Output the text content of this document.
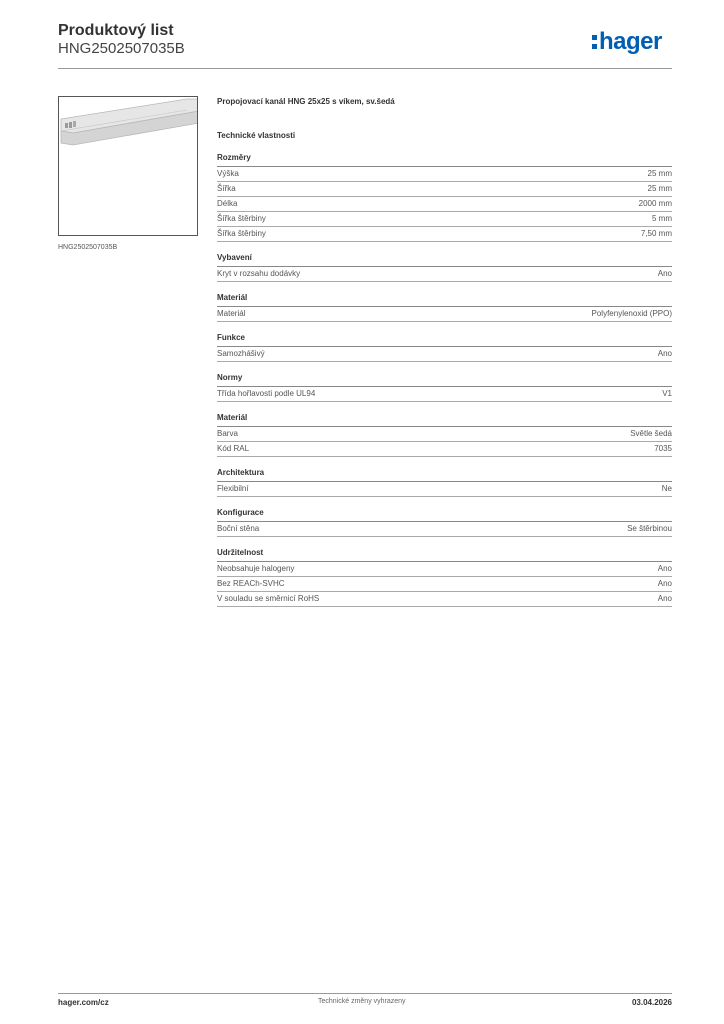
Produktový list
HNG2502507035B	hager
HNG2502507035B
Propojovací kanál HNG 25x25 s víkem, sv.šedá
Technické vlastnosti
Rozměry
Výška	25 mm
Šířka	25 mm
Délka	2000 mm
Šířka štěrbiny	5 mm
Šířka štěrbiny	7,50 mm
Vybavení
Kryt v rozsahu dodávky	Ano
Materiál
Materiál	Polyfenylenoxid (PPO)
Funkce
Samozhášivý	Ano
Normy
Třída hořlavosti podle UL94	V1
Materiál
Barva	Světle šedá
Kód RAL	7035
Architektura
Flexibilní	Ne
Konfigurace
Boční stěna	Se štěrbinou
Udržitelnost
Neobsahuje halogeny	Ano
Bez REACh-SVHC	Ano
V souladu se směrnicí RoHS	Ano
hager.com/cz	Technické změny vyhrazeny	03.04.2026
